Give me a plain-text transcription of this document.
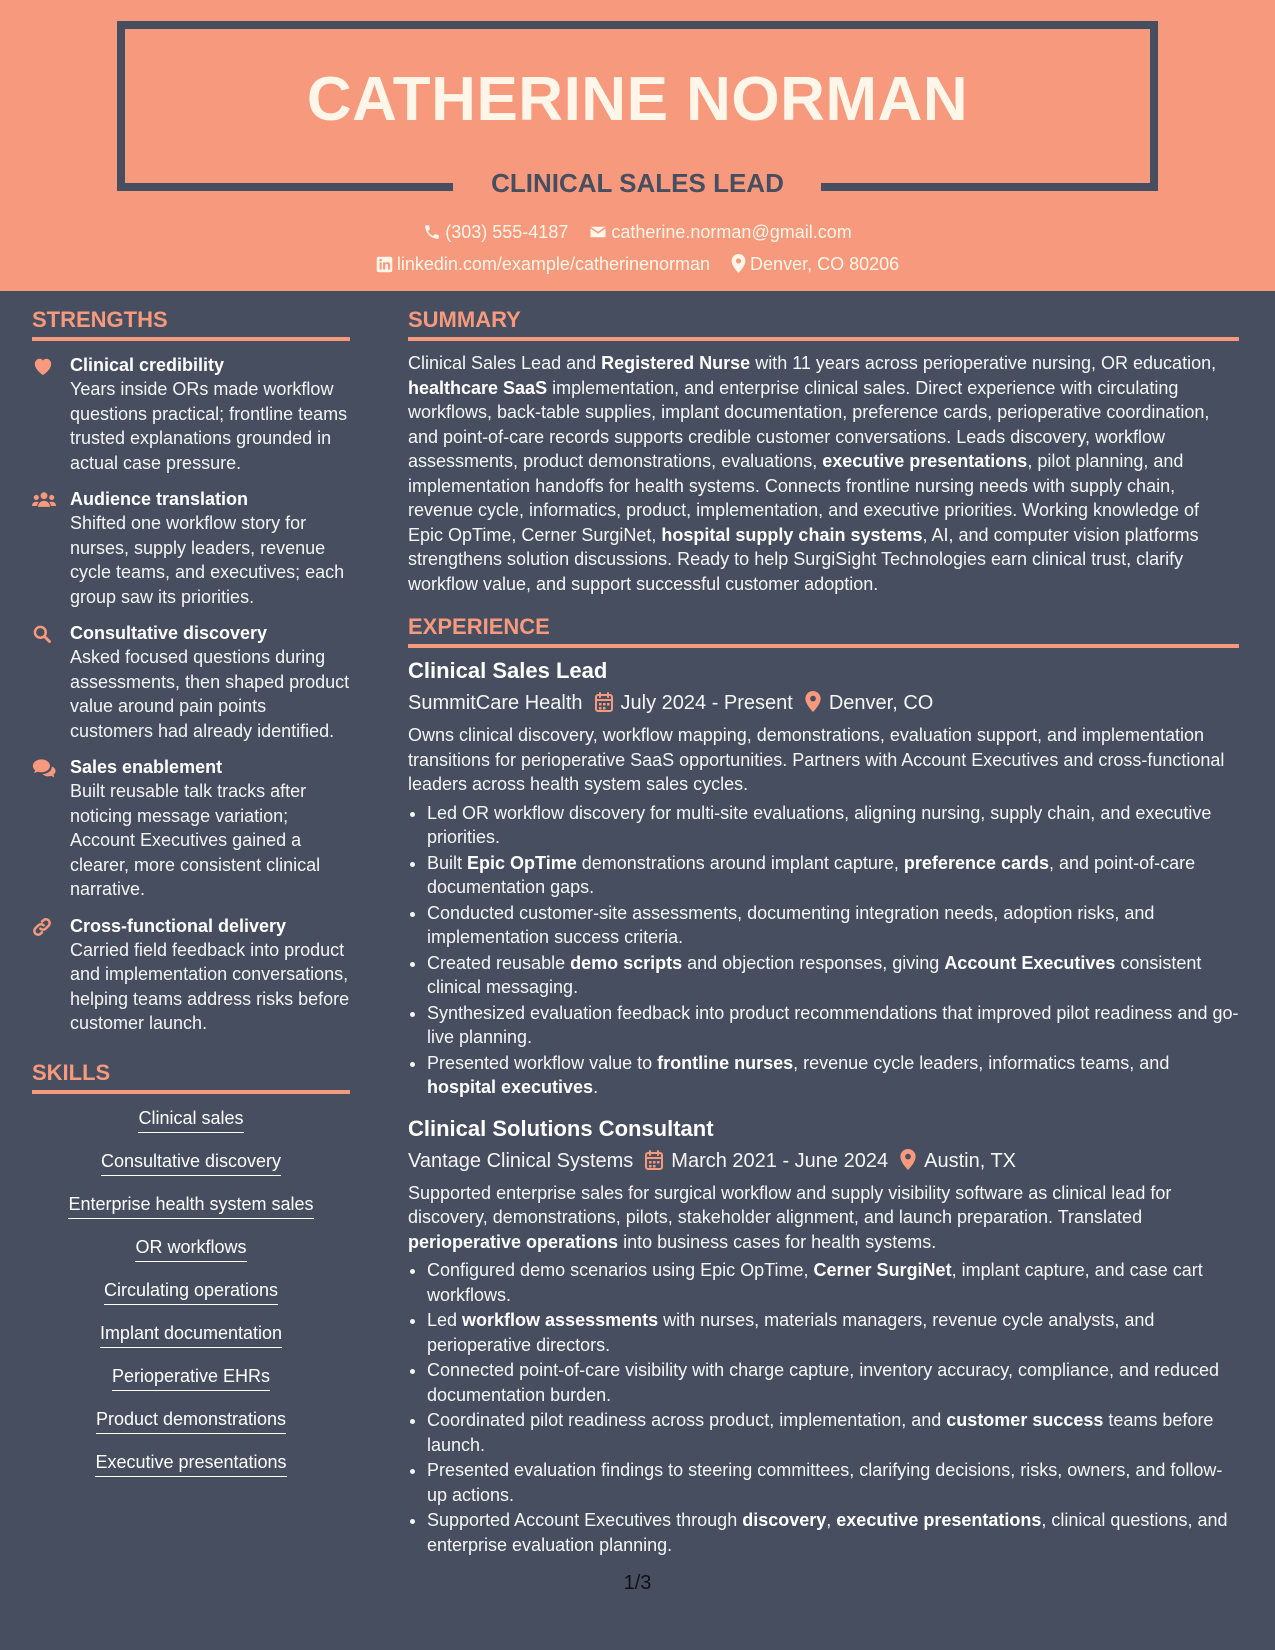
CATHERINE NORMAN
CLINICAL SALES LEAD
(303) 555-4187 catherine.norman@gmail.com
linkedin.com/example/catherinenorman Denver, CO 80206
STRENGTHS
Clinical credibility
Years inside ORs made workflow questions practical; frontline teams trusted explanations grounded in actual case pressure.
Audience translation
Shifted one workflow story for nurses, supply leaders, revenue cycle teams, and executives; each group saw its priorities.
Consultative discovery
Asked focused questions during assessments, then shaped product value around pain points customers had already identified.
Sales enablement
Built reusable talk tracks after noticing message variation; Account Executives gained a clearer, more consistent clinical narrative.
Cross-functional delivery
Carried field feedback into product and implementation conversations, helping teams address risks before customer launch.
SKILLS
Clinical sales
Consultative discovery
Enterprise health system sales
OR workflows
Circulating operations
Implant documentation
Perioperative EHRs
Product demonstrations
Executive presentations
SUMMARY
Clinical Sales Lead and Registered Nurse with 11 years across perioperative nursing, OR education, healthcare SaaS implementation, and enterprise clinical sales. Direct experience with circulating workflows, back-table supplies, implant documentation, preference cards, perioperative coordination, and point-of-care records supports credible customer conversations. Leads discovery, workflow assessments, product demonstrations, evaluations, executive presentations, pilot planning, and implementation handoffs for health systems. Connects frontline nursing needs with supply chain, revenue cycle, informatics, product, implementation, and executive priorities. Working knowledge of Epic OpTime, Cerner SurgiNet, hospital supply chain systems, AI, and computer vision platforms strengthens solution discussions. Ready to help SurgiSight Technologies earn clinical trust, clarify workflow value, and support successful customer adoption.
EXPERIENCE
Clinical Sales Lead
SummitCare Health July 2024 - Present Denver, CO
Owns clinical discovery, workflow mapping, demonstrations, evaluation support, and implementation transitions for perioperative SaaS opportunities. Partners with Account Executives and cross-functional leaders across health system sales cycles.
• Led OR workflow discovery for multi-site evaluations, aligning nursing, supply chain, and executive priorities.
• Built Epic OpTime demonstrations around implant capture, preference cards, and point-of-care documentation gaps.
• Conducted customer-site assessments, documenting integration needs, adoption risks, and implementation success criteria.
• Created reusable demo scripts and objection responses, giving Account Executives consistent clinical messaging.
• Synthesized evaluation feedback into product recommendations that improved pilot readiness and go-live planning.
• Presented workflow value to frontline nurses, revenue cycle leaders, informatics teams, and hospital executives.
Clinical Solutions Consultant
Vantage Clinical Systems March 2021 - June 2024 Austin, TX
Supported enterprise sales for surgical workflow and supply visibility software as clinical lead for discovery, demonstrations, pilots, stakeholder alignment, and launch preparation. Translated perioperative operations into business cases for health systems.
• Configured demo scenarios using Epic OpTime, Cerner SurgiNet, implant capture, and case cart workflows.
• Led workflow assessments with nurses, materials managers, revenue cycle analysts, and perioperative directors.
• Connected point-of-care visibility with charge capture, inventory accuracy, compliance, and reduced documentation burden.
• Coordinated pilot readiness across product, implementation, and customer success teams before launch.
• Presented evaluation findings to steering committees, clarifying decisions, risks, owners, and follow-up actions.
• Supported Account Executives through discovery, executive presentations, clinical questions, and enterprise evaluation planning.
1/3
